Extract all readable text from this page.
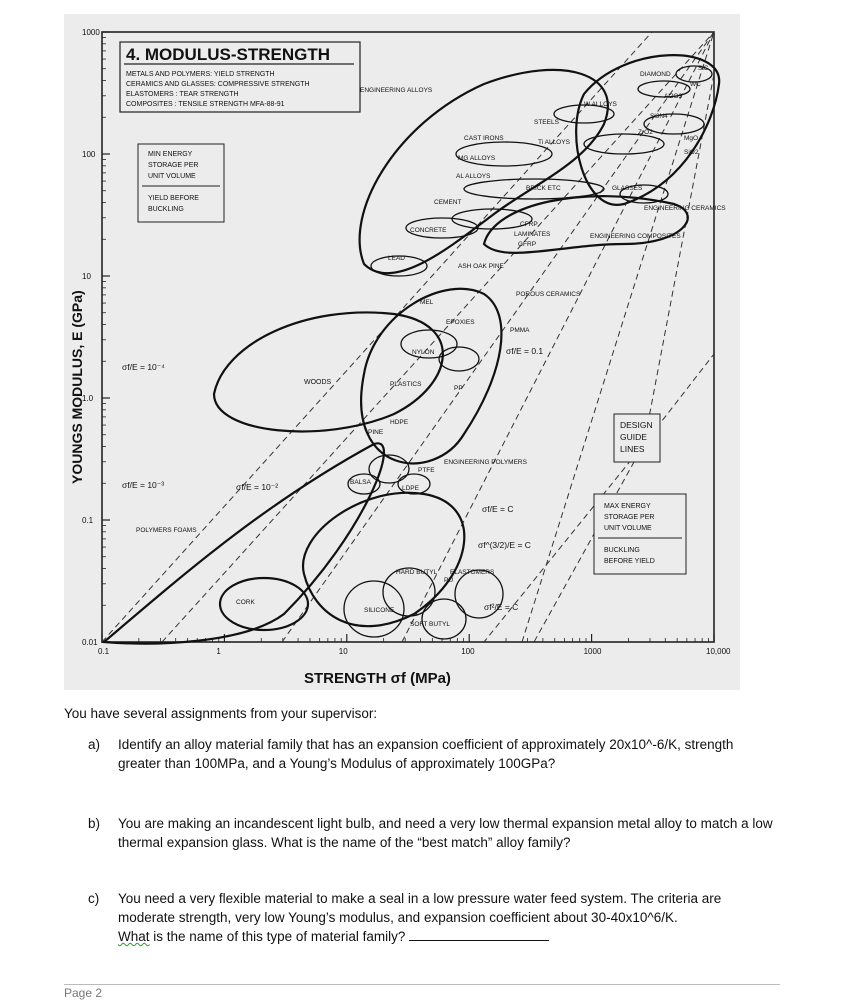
0.1	1	10	100	1000	10,000
1000
100
10
1.0
0.1
0.01
4. MODULUS-STRENGTH
METALS AND POLYMERS: YIELD STRENGTH
CERAMICS AND GLASSES: COMPRESSIVE STRENGTH
ELASTOMERS : TEAR STRENGTH
COMPOSITES : TENSILE STRENGTH MFA-88-91
MIN ENERGY
STORAGE PER
UNIT VOLUME
YIELD BEFORE
BUCKLING
DESIGN
GUIDE
LINES
MAX ENERGY
STORAGE PER
UNIT VOLUME
BUCKLING
BEFORE YIELD
ENGINEERING ALLOYS
ENGINEERING CERAMICS
ENGINEERING COMPOSITES
ENGINEERING POLYMERS
WOODS
CORK
ELASTOMERS
POLYMERS FOAMS
CEMENT
CONCRETE
LEAD
CFRP
LAMINATES
GFRP
POROUS CERAMICS
PMMA
HDPE
LDPE
BALSA
ASH OAK PINE
PINE
PP
PU
HARD BUTYL
SOFT BUTYL
SILICONE
CAST IRONS
GLASSES
W ALLOYS
AL ALLOYS
MG ALLOYS
BRICK ETC
DIAMOND
SiC
WC
Al2O3
Si3N4
ZrO2
MgO
SiO2
STEELS
Ti ALLOYS
MEL
EPOXIES
NYLON
PTFE
PLASTICS
σf/E = 10⁻⁴
σf/E = 10⁻³	σf/E = 10⁻²
σf/E = 0.1
σf/E = C
σf^(3/2)/E = C
σf²/E = C
STRENGTH σf (MPa)
YOUNGS MODULUS, E (GPa)
You have several assignments from your supervisor:
a) Identify an alloy material family that has an expansion coefficient of approximately 20x10^-6/K, strength greater than 100MPa, and a Young’s Modulus of approximately 100GPa?
b) You are making an incandescent light bulb, and need a very low thermal expansion metal alloy to match a low thermal expansion glass. What is the name of the “best match” alloy family?
c) You need a very flexible material to make a seal in a low pressure water feed system. The criteria are moderate strength, very low Young’s modulus, and expansion coefficient about 30-40x10^6/K.
What is the name of this type of material family?
Page 2
